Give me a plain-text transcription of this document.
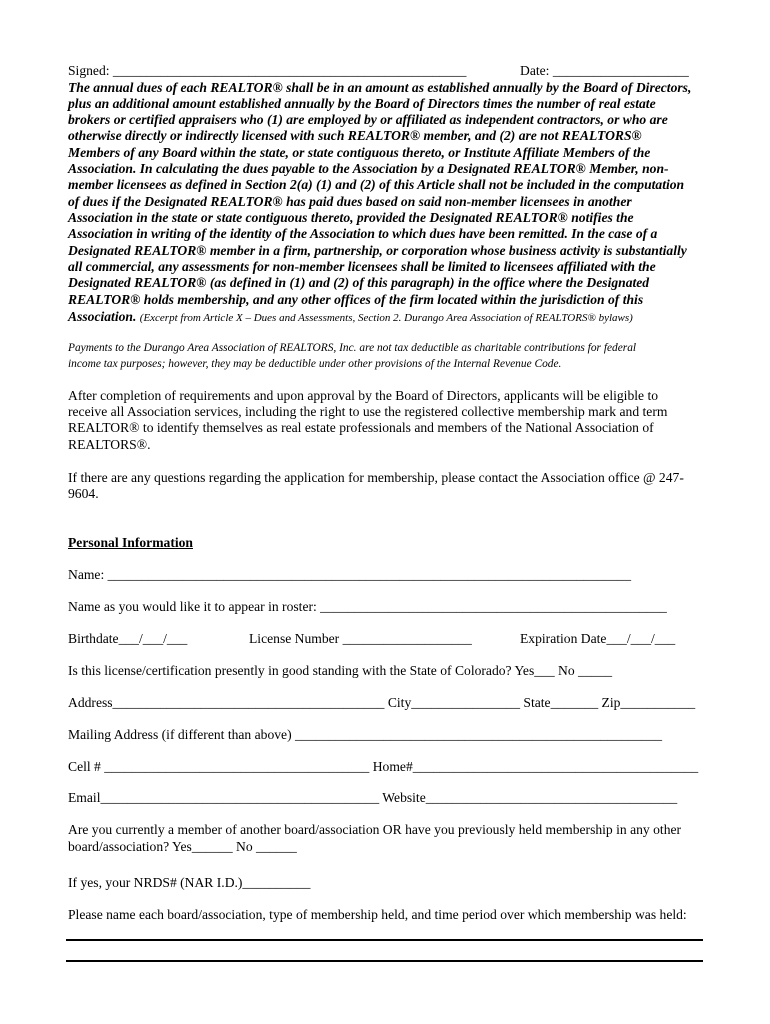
Signed: ____________________________________________________	Date: ____________________
The annual dues of each REALTOR® shall be in an amount as established annually by the Board of Directors,
plus an additional amount established annually by the Board of Directors times the number of real estate
brokers or certified appraisers who (1) are employed by or affiliated as independent contractors, or who are
otherwise directly or indirectly licensed with such REALTOR® member, and (2) are not REALTORS®
Members of any Board within the state, or state contiguous thereto, or Institute Affiliate Members of the
Association. In calculating the dues payable to the Association by a Designated REALTOR® Member, non-
member licensees as defined in Section 2(a) (1) and (2) of this Article shall not be included in the computation
of dues if the Designated REALTOR® has paid dues based on said non-member licensees in another
Association in the state or state contiguous thereto, provided the Designated REALTOR® notifies the
Association in writing of the identity of the Association to which dues have been remitted. In the case of a
Designated REALTOR® member in a firm, partnership, or corporation whose business activity is substantially
all commercial, any assessments for non-member licensees shall be limited to licensees affiliated with the
Designated REALTOR® (as defined in (1) and (2) of this paragraph) in the office where the Designated
REALTOR® holds membership, and any other offices of the firm located within the jurisdiction of this
Association. (Excerpt from Article X – Dues and Assessments, Section 2. Durango Area Association of REALTORS® bylaws)
Payments to the Durango Area Association of REALTORS, Inc. are not tax deductible as charitable contributions for federal
income tax purposes; however, they may be deductible under other provisions of the Internal Revenue Code.
After completion of requirements and upon approval by the Board of Directors, applicants will be eligible to
receive all Association services, including the right to use the registered collective membership mark and term
REALTOR® to identify themselves as real estate professionals and members of the National Association of
REALTORS®.
If there are any questions regarding the application for membership, please contact the Association office @ 247-
9604.
Personal Information
Name: _____________________________________________________________________________
Name as you would like it to appear in roster: ___________________________________________________
Birthdate___/___/___	License Number ___________________	Expiration Date___/___/___
Is this license/certification presently in good standing with the State of Colorado? Yes___ No _____
Address________________________________________ City________________ State_______ Zip___________
Mailing Address (if different than above) ______________________________________________________
Cell # _______________________________________ Home#__________________________________________
Email_________________________________________ Website_____________________________________
Are you currently a member of another board/association OR have you previously held membership in any other
board/association? Yes______ No ______
If yes, your NRDS# (NAR I.D.)__________
Please name each board/association, type of membership held, and time period over which membership was held:
